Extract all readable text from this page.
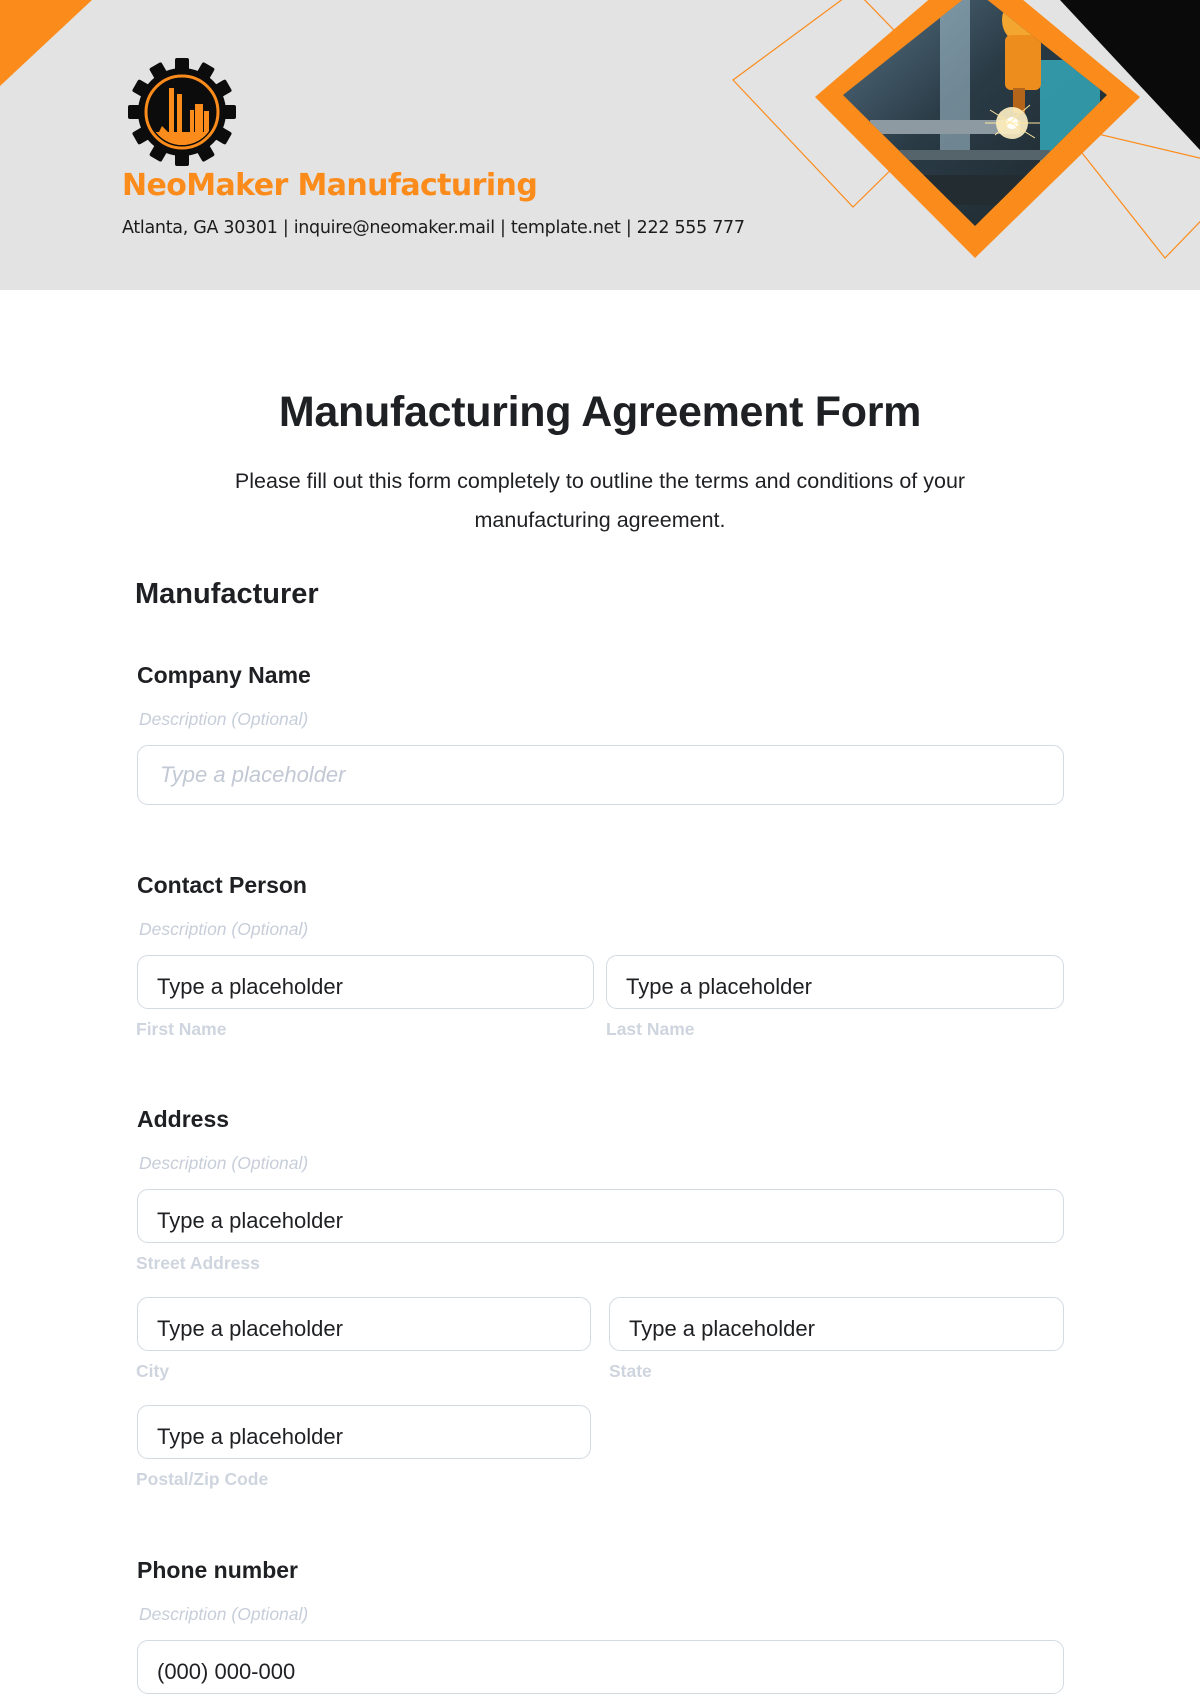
NeoMaker Manufacturing
Atlanta, GA 30301 | inquire@neomaker.mail | template.net | 222 555 777
Manufacturing Agreement Form

Please fill out this form completely to outline the terms and conditions of your manufacturing agreement.

Manufacturer
Company Name
Description (Optional)
Type a placeholder
Contact Person
Description (Optional)
Type a placeholder
First Name
Type a placeholder
Last Name
Address
Description (Optional)
Type a placeholder
Street Address
Type a placeholder
City
Type a placeholder
State
Type a placeholder
Postal/Zip Code
Phone number
Description (Optional)
(000) 000-000
